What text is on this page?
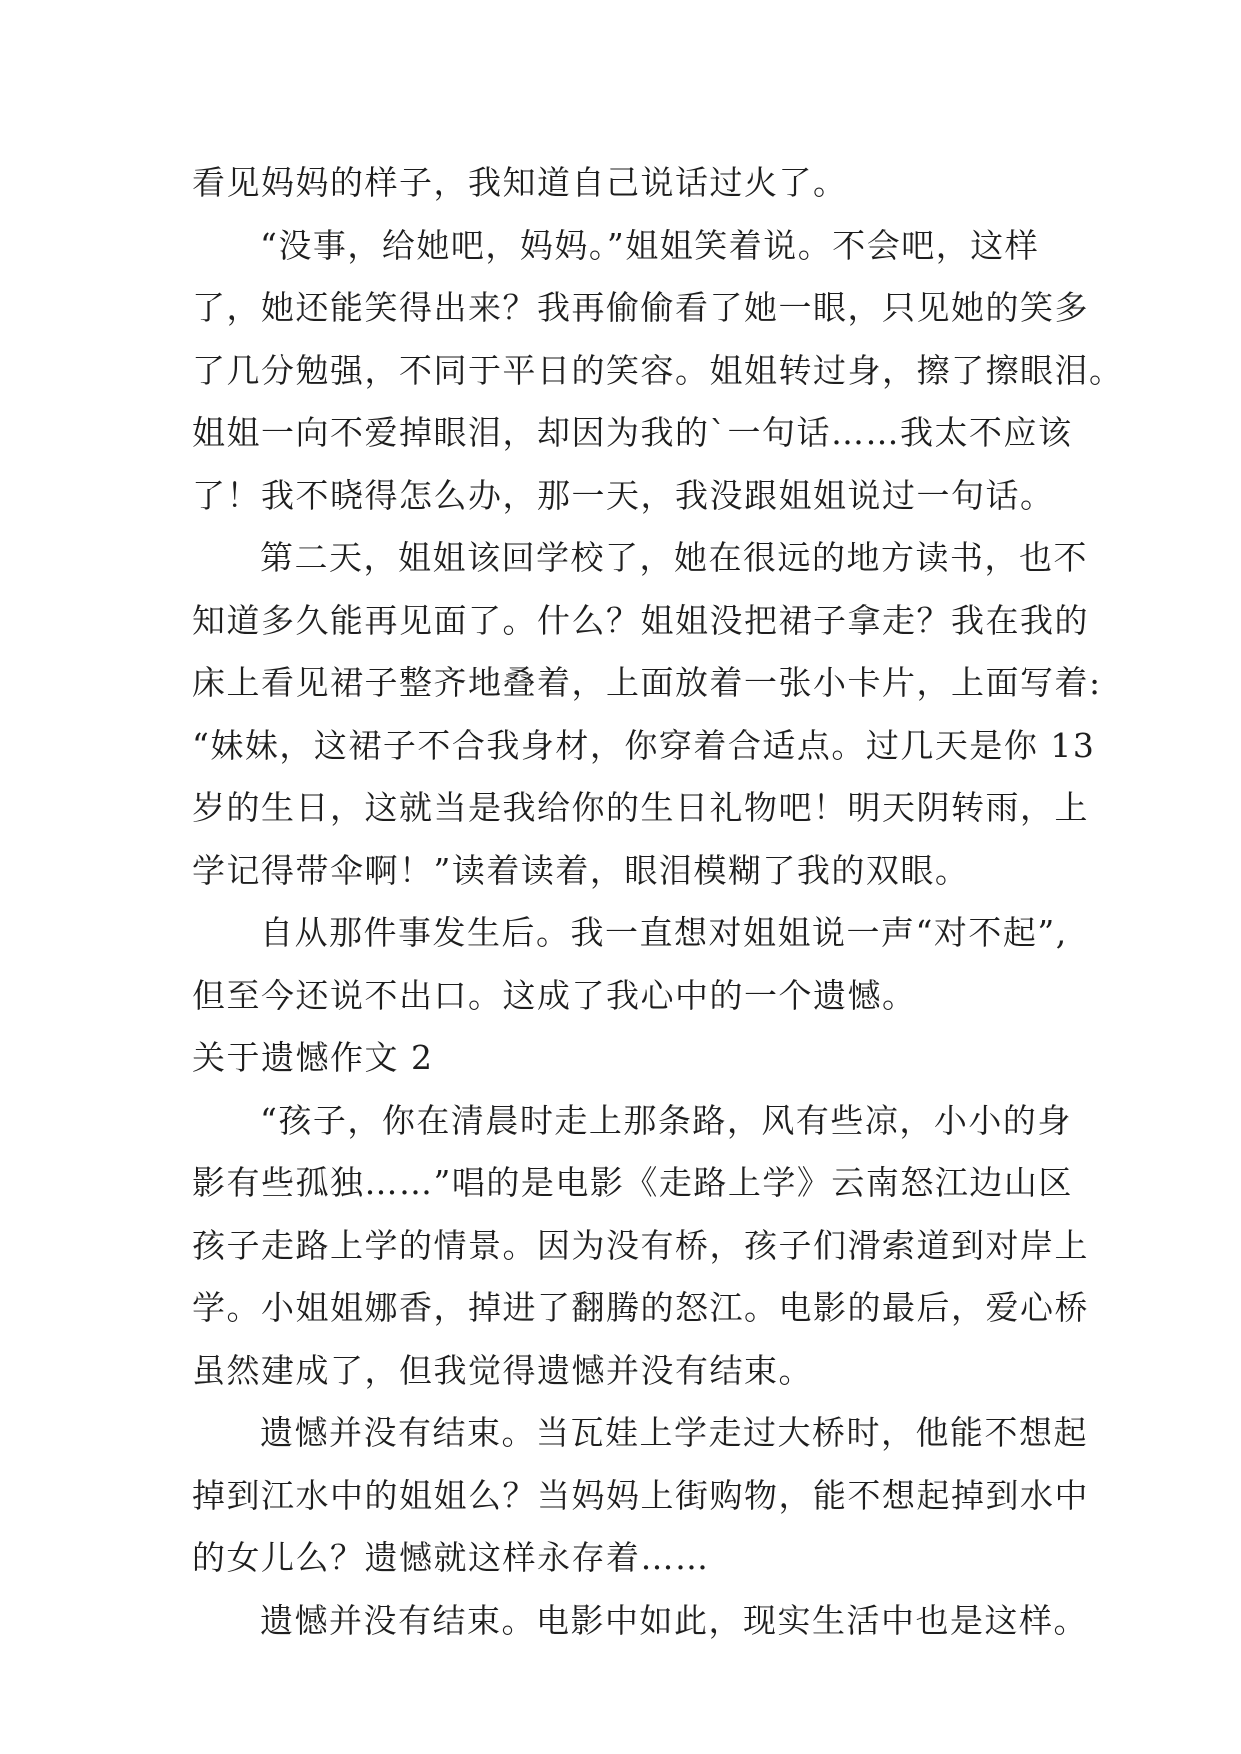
看见妈妈的样子，我知道自己说话过火了。
“没事，给她吧，妈妈。”姐姐笑着说。不会吧，这样
了，她还能笑得出来？我再偷偷看了她一眼，只见她的笑多
了几分勉强，不同于平日的笑容。姐姐转过身，擦了擦眼泪。
姐姐一向不爱掉眼泪，却因为我的`一句话……我太不应该
了！我不晓得怎么办，那一天，我没跟姐姐说过一句话。
第二天，姐姐该回学校了，她在很远的地方读书，也不
知道多久能再见面了。什么？姐姐没把裙子拿走？我在我的
床上看见裙子整齐地叠着，上面放着一张小卡片，上面写着:
“妹妹，这裙子不合我身材，你穿着合适点。过几天是你 13
岁的生日，这就当是我给你的生日礼物吧！明天阴转雨，上
学记得带伞啊！”读着读着，眼泪模糊了我的双眼。
自从那件事发生后。我一直想对姐姐说一声“对不起”,
但至今还说不出口。这成了我心中的一个遗憾。
关于遗憾作文 2
“孩子，你在清晨时走上那条路，风有些凉，小小的身
影有些孤独……”唱的是电影《走路上学》云南怒江边山区
孩子走路上学的情景。因为没有桥，孩子们滑索道到对岸上
学。小姐姐娜香，掉进了翻腾的怒江。电影的最后，爱心桥
虽然建成了，但我觉得遗憾并没有结束。
遗憾并没有结束。当瓦娃上学走过大桥时，他能不想起
掉到江水中的姐姐么？当妈妈上街购物，能不想起掉到水中
的女儿么？遗憾就这样永存着……
遗憾并没有结束。电影中如此，现实生活中也是这样。
